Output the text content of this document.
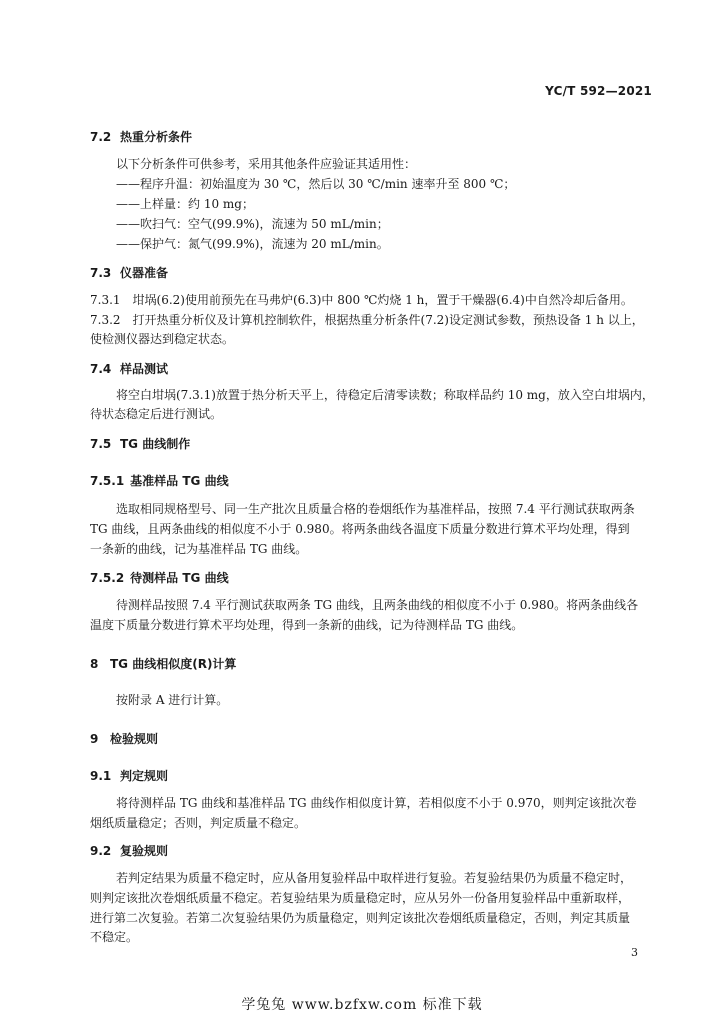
YC/T 592—2021
7.2 热重分析条件
以下分析条件可供参考，采用其他条件应验证其适用性：
——程序升温：初始温度为 30 ℃，然后以 30 ℃/min 速率升至 800 ℃；
——上样量：约 10 mg；
——吹扫气：空气(99.9%)，流速为 50 mL/min；
——保护气：氮气(99.9%)，流速为 20 mL/min。
7.3 仪器准备
7.3.1　坩埚(6.2)使用前预先在马弗炉(6.3)中 800 ℃灼烧 1 h，置于干燥器(6.4)中自然冷却后备用。
7.3.2　打开热重分析仪及计算机控制软件，根据热重分析条件(7.2)设定测试参数，预热设备 1 h 以上，
使检测仪器达到稳定状态。
7.4 样品测试
将空白坩埚(7.3.1)放置于热分析天平上，待稳定后清零读数；称取样品约 10 mg，放入空白坩埚内，
待状态稳定后进行测试。
7.5 TG 曲线制作
7.5.1 基准样品 TG 曲线
选取相同规格型号、同一生产批次且质量合格的卷烟纸作为基准样品，按照 7.4 平行测试获取两条
TG 曲线，且两条曲线的相似度不小于 0.980。将两条曲线各温度下质量分数进行算术平均处理，得到
一条新的曲线，记为基准样品 TG 曲线。
7.5.2 待测样品 TG 曲线
待测样品按照 7.4 平行测试获取两条 TG 曲线，且两条曲线的相似度不小于 0.980。将两条曲线各
温度下质量分数进行算术平均处理，得到一条新的曲线，记为待测样品 TG 曲线。
8 TG 曲线相似度(R)计算
按附录 A 进行计算。
9 检验规则
9.1 判定规则
将待测样品 TG 曲线和基准样品 TG 曲线作相似度计算，若相似度不小于 0.970，则判定该批次卷
烟纸质量稳定；否则，判定质量不稳定。
9.2 复验规则
若判定结果为质量不稳定时，应从备用复验样品中取样进行复验。若复验结果仍为质量不稳定时，
则判定该批次卷烟纸质量不稳定。若复验结果为质量稳定时，应从另外一份备用复验样品中重新取样，
进行第二次复验。若第二次复验结果仍为质量稳定，则判定该批次卷烟纸质量稳定，否则，判定其质量
不稳定。
3
学兔兔 www.bzfxw.com 标准下载
